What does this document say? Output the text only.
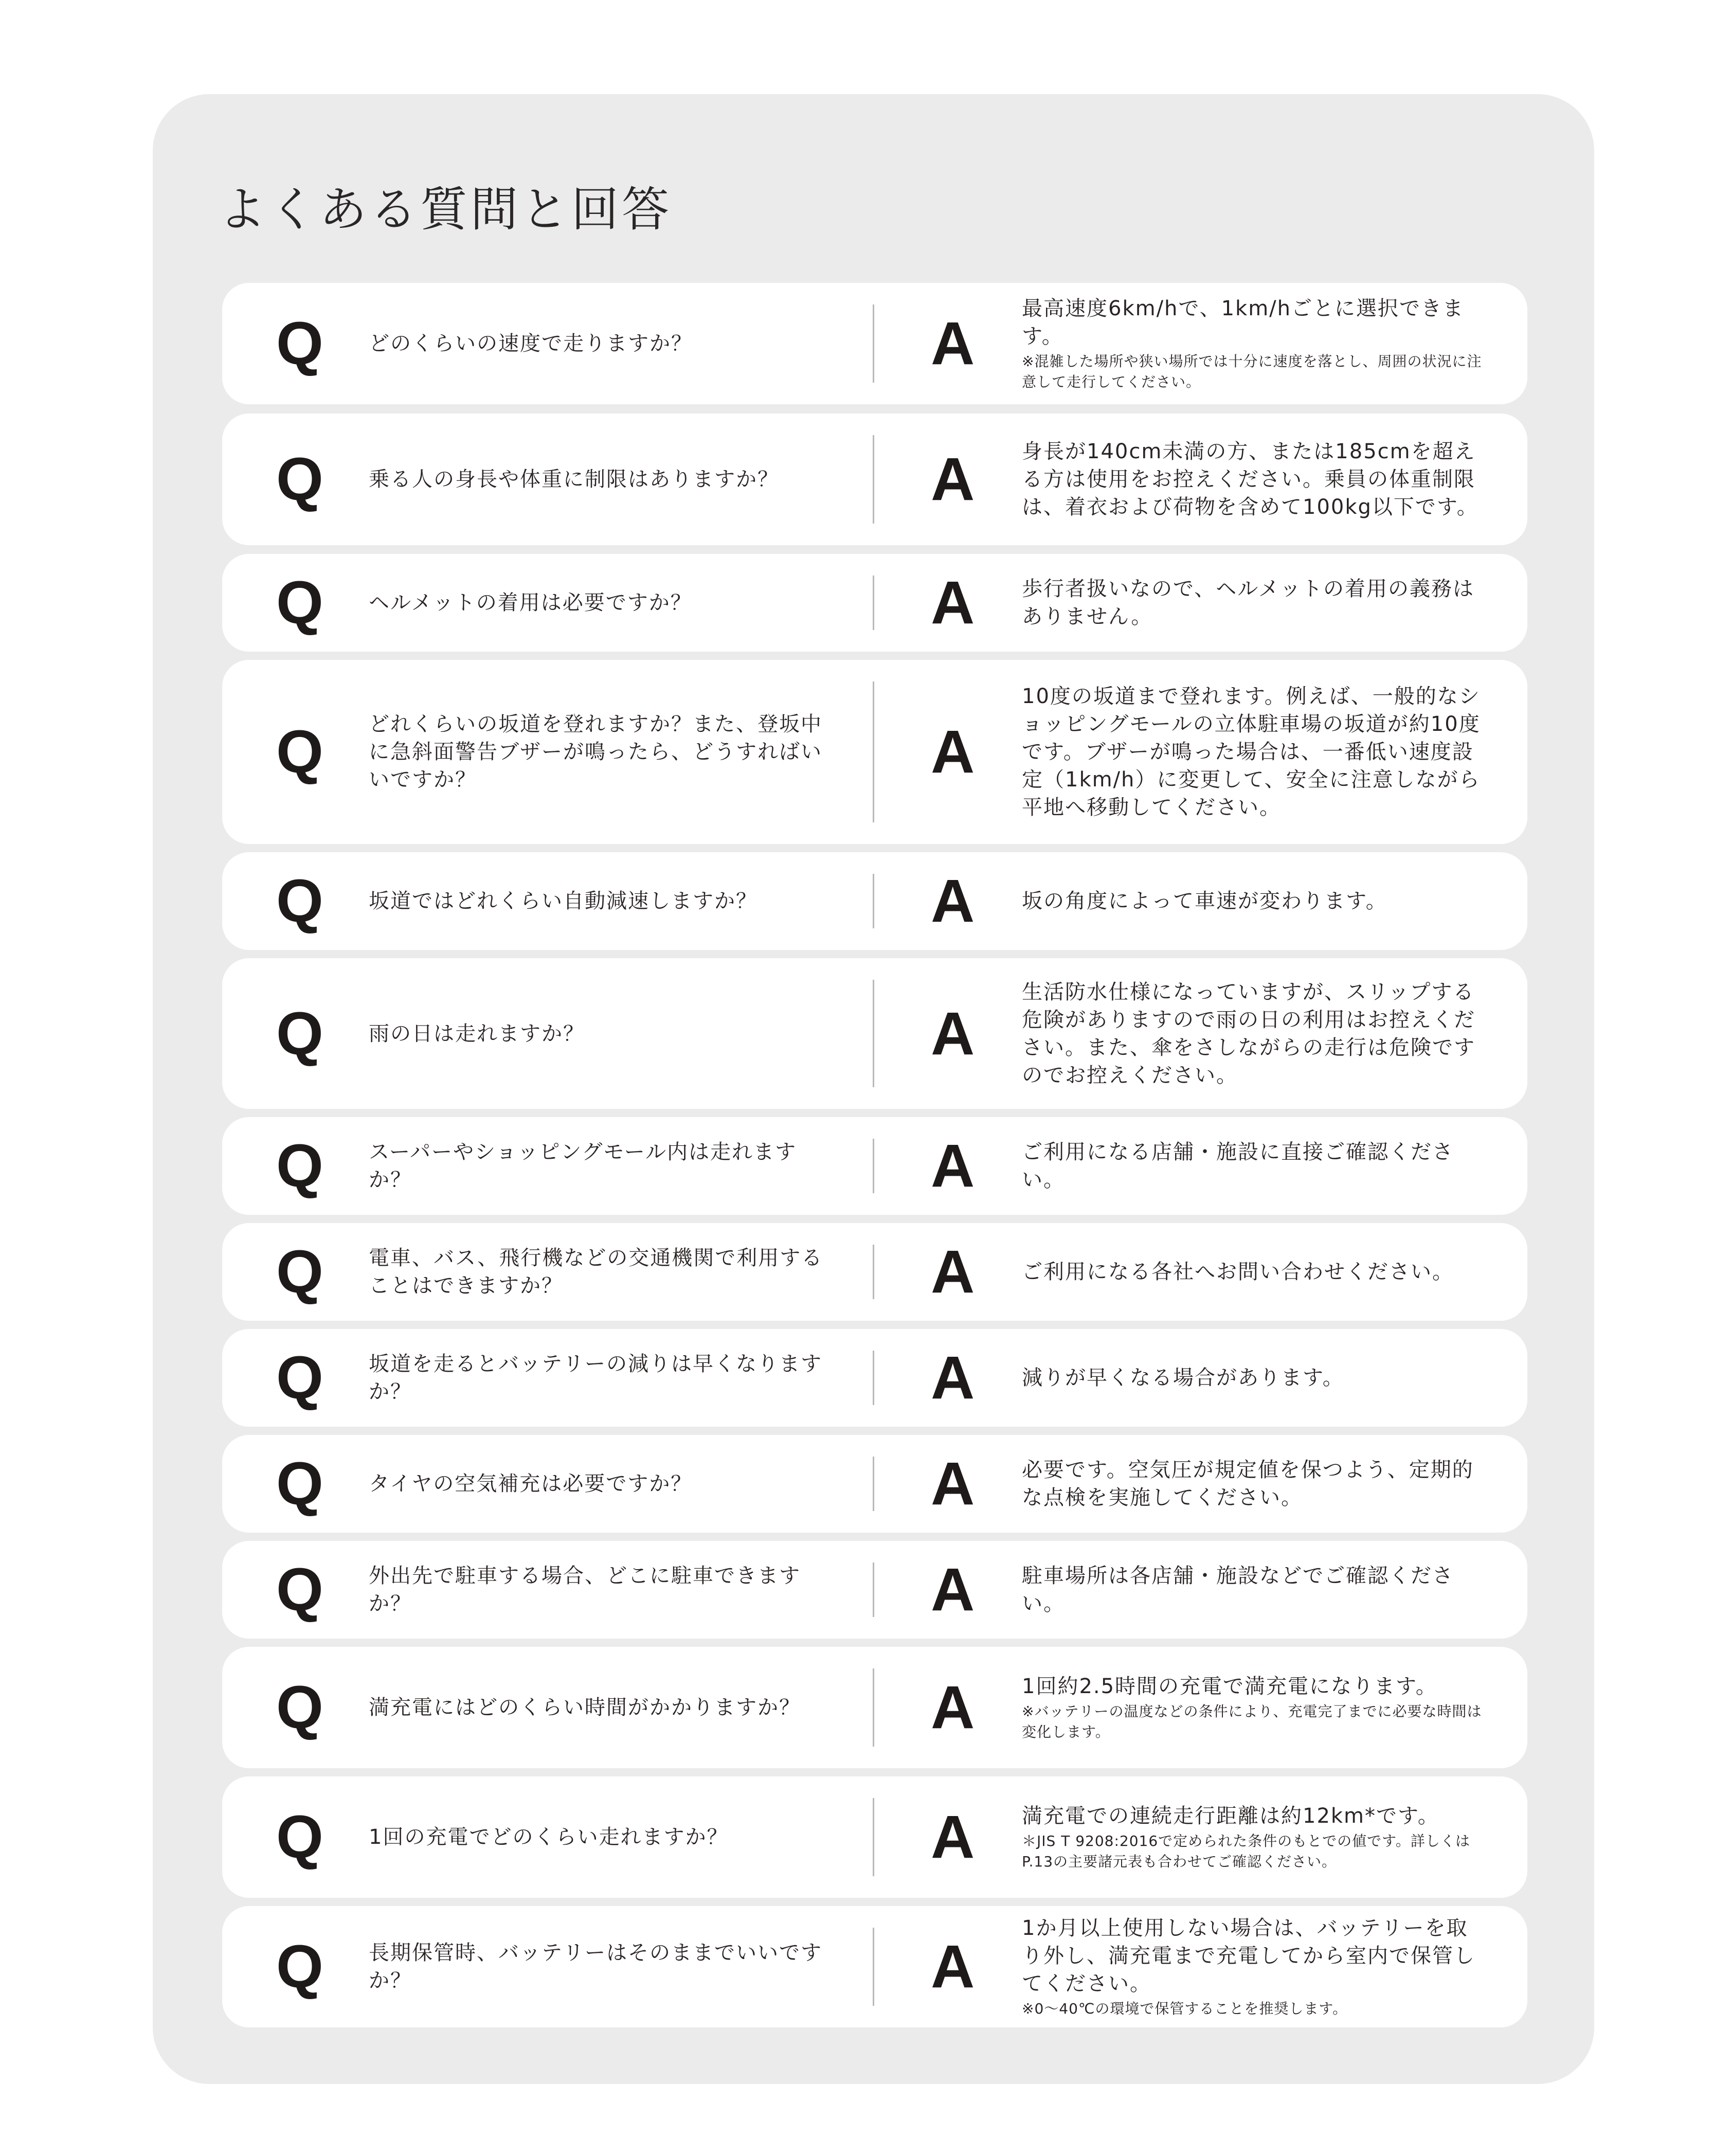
よくある質問と回答
Q どのくらいの速度で走りますか？	A
最高速度6km/hで、1km/hごとに選択できます。
※混雑した場所や狭い場所では十分に速度を落とし、周囲の状況に注意して走行してください。
Q 乗る人の身長や体重に制限はありますか？	A 身長が140cm未満の方、または185cmを超える方は使用をお控えください。乗員の体重制限は、着衣および荷物を含めて100kg以下です。
Q ヘルメットの着用は必要ですか？	A 歩行者扱いなので、ヘルメットの着用の義務はありません。
Q どれくらいの坂道を登れますか？また、登坂中に急斜面警告ブザーが鳴ったら、どうすればいいですか？	A
10度の坂道まで登れます。例えば、一般的なショッピングモールの立体駐車場の坂道が約10度です。ブザーが鳴った場合は、一番低い速度設定（1km/h）に変更して、安全に注意しながら平地へ移動してください。
Q 坂道ではどれくらい自動減速しますか？	A 坂の角度によって車速が変わります。
Q 雨の日は走れますか？	A
生活防水仕様になっていますが、スリップする危険がありますので雨の日の利用はお控えください。また、傘をさしながらの走行は危険ですのでお控えください。
Q スーパーやショッピングモール内は走れますか？	A ご利用になる店舗・施設に直接ご確認ください。
Q 電車、バス、飛行機などの交通機関で利用することはできますか？	A ご利用になる各社へお問い合わせください。
Q 坂道を走るとバッテリーの減りは早くなりますか？	A 減りが早くなる場合があります。
Q タイヤの空気補充は必要ですか？	A 必要です。空気圧が規定値を保つよう、定期的な点検を実施してください。
Q 外出先で駐車する場合、どこに駐車できますか？	A 駐車場所は各店舗・施設などでご確認ください。
Q 満充電にはどのくらい時間がかかりますか？	A 1回約2.5時間の充電で満充電になります。
※バッテリーの温度などの条件により、充電完了までに必要な時間は変化します。
Q 1回の充電でどのくらい走れますか？	A 満充電での連続走行距離は約12km*です。
＊JIS T 9208:2016で定められた条件のもとでの値です。詳しくはP.13の主要諸元表も合わせてご確認ください。
Q 長期保管時、バッテリーはそのままでいいですか？	A
1か月以上使用しない場合は、バッテリーを取り外し、満充電まで充電してから室内で保管してください。
※0〜40℃の環境で保管することを推奨します。
